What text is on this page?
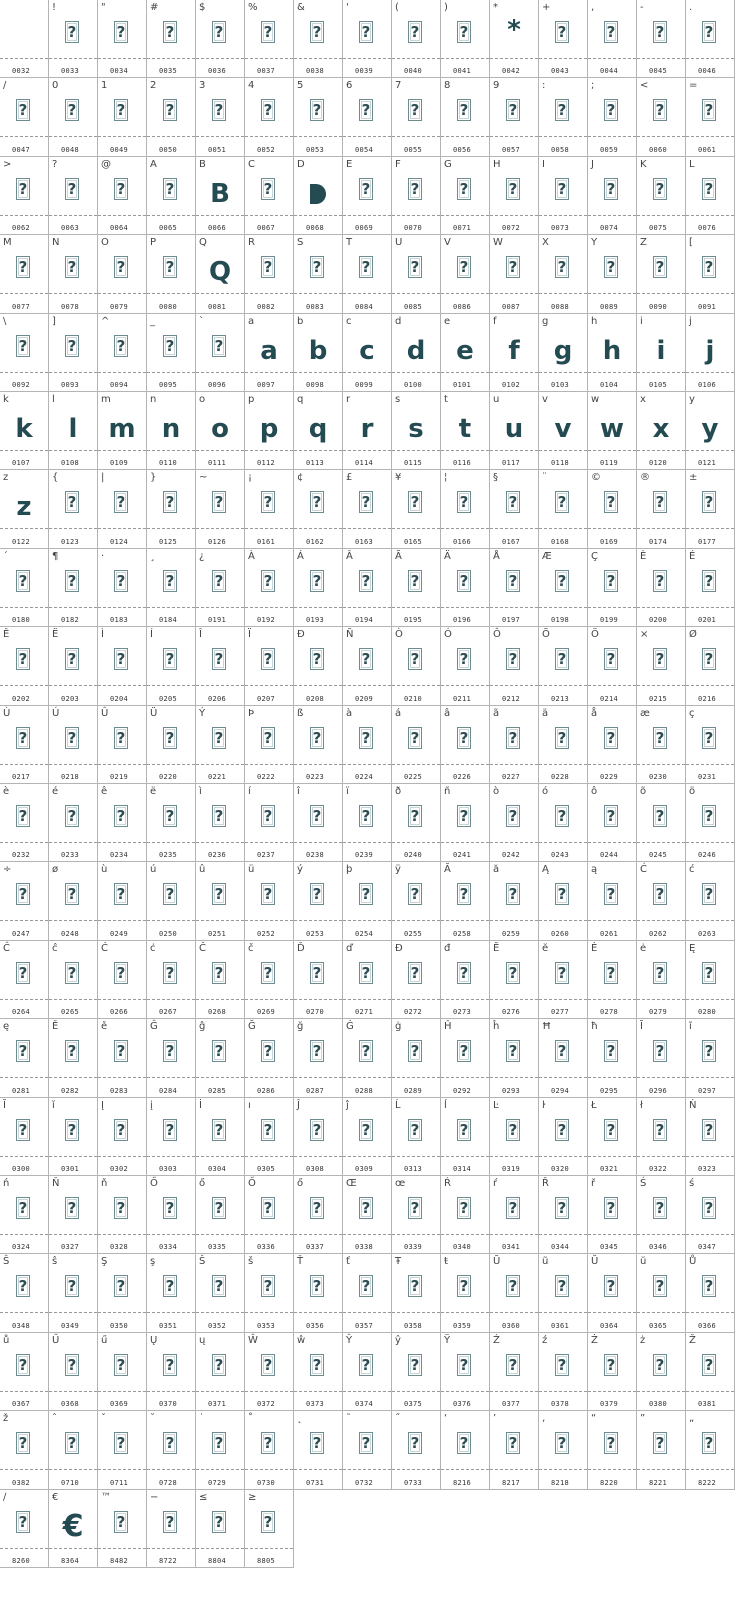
0032
!
?
0033
"
?
0034
#
?
0035
$
?
0036
%
?
0037
&
?
0038
'
?
0039
(
?
0040
)
?
0041
*
*
0042
+
?
0043
,
?
0044
-
?
0045
.
?
0046
/
?
0047
0
?
0048
1
?
0049
2
?
0050
3
?
0051
4
?
0052
5
?
0053
6
?
0054
7
?
0055
8
?
0056
9
?
0057
:
?
0058
;
?
0059
<
?
0060
=
?
0061
>
?
0062
?
?
0063
@
?
0064
A
?
0065
B
B
0066
C
?
0067
D
0068
E
?
0069
F
?
0070
G
?
0071
H
?
0072
I
?
0073
J
?
0074
K
?
0075
L
?
0076
M
?
0077
N
?
0078
O
?
0079
P
?
0080
Q
Q
0081
R
?
0082
S
?
0083
T
?
0084
U
?
0085
V
?
0086
W
?
0087
X
?
0088
Y
?
0089
Z
?
0090
[
?
0091
\
?
0092
]
?
0093
^
?
0094
_
?
0095
`
?
0096
a
a
0097
b
b
0098
c
c
0099
d
d
0100
e
e
0101
f
f
0102
g
g
0103
h
h
0104
i
i
0105
j
j
0106
k
k
0107
l
l
0108
m
m
0109
n
n
0110
o
o
0111
p
p
0112
q
q
0113
r
r
0114
s
s
0115
t
t
0116
u
u
0117
v
v
0118
w
w
0119
x
x
0120
y
y
0121
z
z
0122
{
?
0123
|
?
0124
}
?
0125
~
?
0126
¡
?
0161
¢
?
0162
£
?
0163
¥
?
0165
¦
?
0166
§
?
0167
¨
?
0168
©
?
0169
®
?
0174
±
?
0177
´
?
0180
¶
?
0182
·
?
0183
¸
?
0184
¿
?
0191
À
?
0192
Á
?
0193
Â
?
0194
Ã
?
0195
Ä
?
0196
Å
?
0197
Æ
?
0198
Ç
?
0199
È
?
0200
É
?
0201
Ê
?
0202
Ë
?
0203
Ì
?
0204
Í
?
0205
Î
?
0206
Ï
?
0207
Ð
?
0208
Ñ
?
0209
Ò
?
0210
Ó
?
0211
Ô
?
0212
Õ
?
0213
Ö
?
0214
×
?
0215
Ø
?
0216
Ù
?
0217
Ú
?
0218
Û
?
0219
Ü
?
0220
Ý
?
0221
Þ
?
0222
ß
?
0223
à
?
0224
á
?
0225
â
?
0226
ã
?
0227
ä
?
0228
å
?
0229
æ
?
0230
ç
?
0231
è
?
0232
é
?
0233
ê
?
0234
ë
?
0235
ì
?
0236
í
?
0237
î
?
0238
ï
?
0239
ð
?
0240
ñ
?
0241
ò
?
0242
ó
?
0243
ô
?
0244
õ
?
0245
ö
?
0246
÷
?
0247
ø
?
0248
ù
?
0249
ú
?
0250
û
?
0251
ü
?
0252
ý
?
0253
þ
?
0254
ÿ
?
0255
Ă
?
0258
ă
?
0259
Ą
?
0260
ą
?
0261
Ć
?
0262
ć
?
0263
Ĉ
?
0264
ĉ
?
0265
Ċ
?
0266
ċ
?
0267
Č
?
0268
č
?
0269
Ď
?
0270
ď
?
0271
Đ
?
0272
đ
?
0273
Ĕ
?
0276
ĕ
?
0277
Ė
?
0278
ė
?
0279
Ę
?
0280
ę
?
0281
Ě
?
0282
ě
?
0283
Ĝ
?
0284
ĝ
?
0285
Ğ
?
0286
ğ
?
0287
Ġ
?
0288
ġ
?
0289
Ĥ
?
0292
ĥ
?
0293
Ħ
?
0294
ħ
?
0295
Ĩ
?
0296
ĩ
?
0297
Ĭ
?
0300
ĭ
?
0301
Į
?
0302
į
?
0303
İ
?
0304
ı
?
0305
Ĵ
?
0308
ĵ
?
0309
Ĺ
?
0313
ĺ
?
0314
Ŀ
?
0319
ŀ
?
0320
Ł
?
0321
ł
?
0322
Ń
?
0323
ń
?
0324
Ň
?
0327
ň
?
0328
Ő
?
0334
ő
?
0335
Ő
?
0336
ő
?
0337
Œ
?
0338
œ
?
0339
Ŕ
?
0340
ŕ
?
0341
Ř
?
0344
ř
?
0345
Ś
?
0346
ś
?
0347
Ŝ
?
0348
ŝ
?
0349
Ş
?
0350
ş
?
0351
Š
?
0352
š
?
0353
Ť
?
0356
ť
?
0357
Ŧ
?
0358
ŧ
?
0359
Ũ
?
0360
ũ
?
0361
Ŭ
?
0364
ŭ
?
0365
Ů
?
0366
ů
?
0367
Ű
?
0368
ű
?
0369
Ų
?
0370
ų
?
0371
Ŵ
?
0372
ŵ
?
0373
Ŷ
?
0374
ŷ
?
0375
Ÿ
?
0376
Ź
?
0377
ź
?
0378
Ż
?
0379
ż
?
0380
Ž
?
0381
ž
?
0382
ˆ
?
0710
ˇ
?
0711
˘
?
0728
˙
?
0729
˚
?
0730
˛
?
0731
˜
?
0732
˝
?
0733
‘
?
8216
’
?
8217
‚
?
8218
“
?
8220
”
?
8221
„
?
8222
∕
?
8260
€
€
8364
™
?
8482
−
?
8722
≤
?
8804
≥
?
8805
